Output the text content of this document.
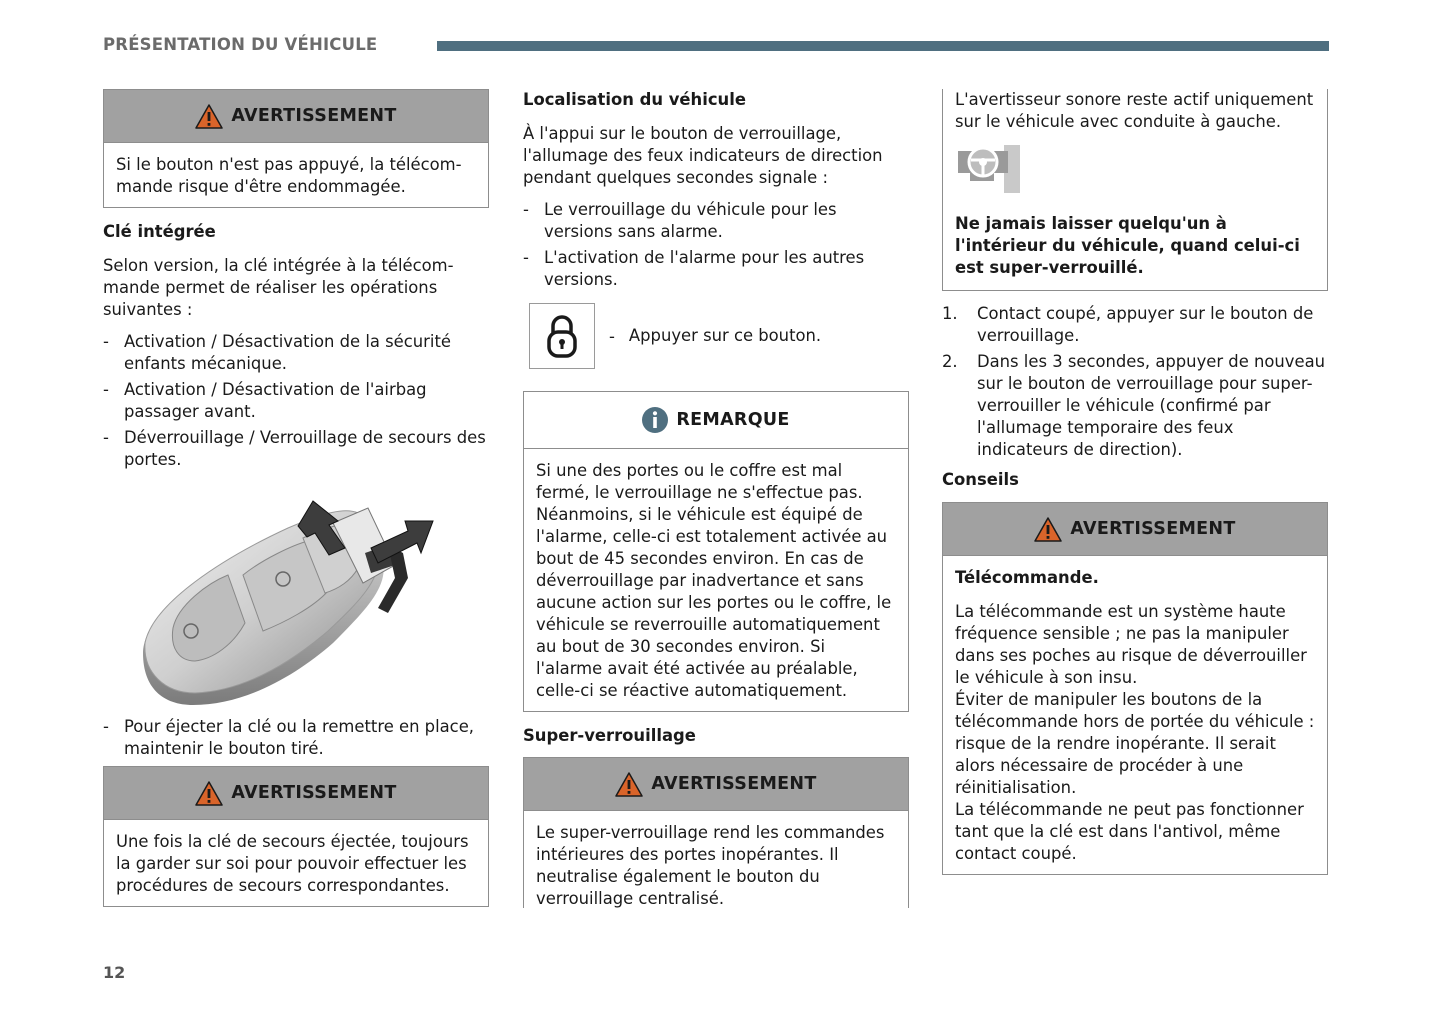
PRÉSENTATION DU VÉHICULE
AVERTISSEMENT

Si le bouton n'est pas appuyé, la télécom-mande risque d'être endommagée.

Clé intégrée

Selon version, la clé intégrée à la télécom-mande permet de réaliser les opérations suivantes :

- Activation / Désactivation de la sécurité enfants mécanique.
- Activation / Désactivation de l'airbag passager avant.
- Déverrouillage / Verrouillage de secours des portes.
- Pour éjecter la clé ou la remettre en place, maintenir le bouton tiré.
AVERTISSEMENT

Une fois la clé de secours éjectée, toujours la garder sur soi pour pouvoir effectuer les procédures de secours correspondantes.

Localisation du véhicule

À l'appui sur le bouton de verrouillage, l'allumage des feux indicateurs de direction pendant quelques secondes signale :

- Le verrouillage du véhicule pour les versions sans alarme.
- L'activation de l'alarme pour les autres versions.
- Appuyer sur ce bouton.
REMARQUE

Si une des portes ou le coffre est mal fermé, le verrouillage ne s'effectue pas. Néanmoins, si le véhicule est équipé de l'alarme, celle-ci est totalement activée au bout de 45 secondes environ. En cas de déverrouillage par inadvertance et sans aucune action sur les portes ou le coffre, le véhicule se reverrouille automatiquement au bout de 30 secondes environ. Si l'alarme avait été activée au préalable, celle-ci se réactive automatiquement.

Super-verrouillage

AVERTISSEMENT

Le super-verrouillage rend les commandes intérieures des portes inopérantes. Il neutralise également le bouton du verrouillage centralisé.

L'avertisseur sonore reste actif uniquement sur le véhicule avec conduite à gauche.

Ne jamais laisser quelqu'un à l'intérieur du véhicule, quand celui-ci est super-verrouillé.

1. Contact coupé, appuyer sur le bouton de verrouillage.
2. Dans les 3 secondes, appuyer de nouveau sur le bouton de verrouillage pour super-verrouiller le véhicule (confirmé par l'allumage temporaire des feux indicateurs de direction).

Conseils

AVERTISSEMENT

Télécommande.

La télécommande est un système haute fréquence sensible ; ne pas la manipuler dans ses poches au risque de déverrouiller le véhicule à son insu.

Éviter de manipuler les boutons de la télécommande hors de portée du véhicule : risque de la rendre inopérante. Il serait alors nécessaire de procéder à une réinitialisation.

La télécommande ne peut pas fonctionner tant que la clé est dans l'antivol, même contact coupé.

12
